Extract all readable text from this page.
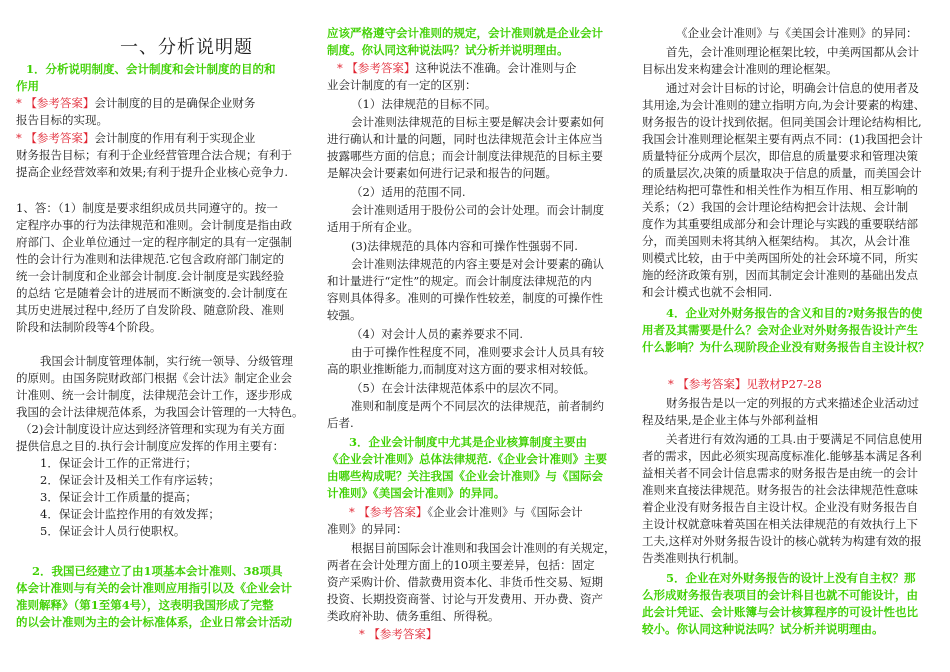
一、分析说明题
1．分析说明制度、会计制度和会计制度的目的和
作用
* 【参考答案】会计制度的目的是确保企业财务
报告目标的实现。
* 【参考答案】会计制度的作用有利于实现企业
财务报告目标；有利于企业经营管理合法合规；有利于
提高企业经营效率和效果;有利于提升企业核心竞争力.
1、答：（1）制度是要求组织成员共同遵守的。按一
定程序办事的行为法律规范和准则。会计制度是指由政
府部门、企业单位通过一定的程序制定的具有一定强制
性的会计行为准则和法律规范.它包含政府部门制定的
统一会计制度和企业部会计制度.会计制度是实践经验
的总结 它是随着会计的进展而不断演变的.会计制度在
其历史进展过程中,经历了自发阶段、随意阶段、准则
阶段和法制阶段等4个阶段。
我国会计制度管理体制，实行统一领导、分级管理
的原则。由国务院财政部门根据《会计法》制定企业会
计准则、统一会计制度，法律规范会计工作，逐步形成
我国的会计法律规范体系，为我国会计管理的一大特色。
（2)会计制度设计应达到经济管理和实现为有关方面
提供信息之目的.执行会计制度应发挥的作用主要有：
1．保证会计工作的正常进行；
2．保证会计及相关工作有序运转；
3．保证会计工作质量的提高；
4．保证会计监控作用的有效发挥；
5．保证会计人员行使职权。
2．我国已经建立了由1项基本会计准则、38项具
体会计准则与有关的会计准则应用指引以及《企业会计
准则解释》（第1至第4号），这表明我国形成了完整
的以会计准则为主的会计标准体系，企业日常会计活动
应该严格遵守会计准则的规定，会计准则就是企业会计
制度。你认同这种说法吗？试分析并说明理由。
* 【参考答案】这种说法不准确。会计准则与企
业会计制度的有一定的区别：
（1）法律规范的目标不同。
会计准则法律规范的目标主要是解决会计要素如何
进行确认和计量的问题，同时也法律规范会计主体应当
披露哪些方面的信息；而会计制度法律规范的目标主要
是解决会计要素如何进行记录和报告的问题。
（2）适用的范围不同.
会计准则适用于股份公司的会计处理。而会计制度
适用于所有企业。
(3)法律规范的具体内容和可操作性强弱不同.
会计准则法律规范的内容主要是对会计要素的确认
和计量进行“定性”的规定。而会计制度法律规范的内
容则具体得多。准则的可操作性较差，制度的可操作性
较强。
（4）对会计人员的素养要求不同.
由于可操作性程度不同，准则要求会计人员具有较
高的职业推断能力,而制度对这方面的要求相对较低。
（5）在会计法律规范体系中的层次不同。
准则和制度是两个不同层次的法律规范，前者制约
后者.
3．企业会计制度中尤其是企业核算制度主要由
《企业会计准则》总体法律规范.《企业会计准则》主要
由哪些构成呢？关注我国《企业会计准则》与《国际会
计准则》《美国会计准则》的异同。
* 【参考答案】《企业会计准则》与《国际会计
准则》的异同：
根据目前国际会计准则和我国会计准则的有关规定，
两者在会计处理方面上的10项主要差异，包括：固定
资产采购计价、借款费用资本化、非货币性交易、短期
投资、长期投资商誉、讨论与开发费用、开办费、资产
类政府补助、债务重组、所得税。
* 【参考答案】
《企业会计准则》与《美国会计准则》的异同：
首先，会计准则理论框架比较，中美两国都从会计
目标出发来构建会计准则的理论框架。
通过对会计目标的讨论，明确会计信息的使用者及
其用途,为会计准则的建立指明方向,为会计要素的构建、
财务报告的设计找到依据。但同美国会计理论结构相比,
我国会计准则理论框架主要有两点不同：(1)我国把会计
质量特征分成两个层次，即信息的质量要求和管理决策
的质量层次,决策的质量取决于信息的质量，而美国会计
理论结构把可靠性和相关性作为相互作用、相互影响的
关系；（2）我国的会计理论结构把会计法规、会计制
度作为其重要组成部分和会计理论与实践的重要联结部
分，而美国则未将其纳入框架结构。 其次，从会计准
则模式比较，由于中美两国所处的社会环境不同，所实
施的经济政策有别，因而其制定会计准则的基础出发点
和会计模式也就不会相同.
4．企业对外财务报告的含义和目的?财务报告的使
用者及其需要是什么？会对企业对外财务报告设计产生
什么影响？为什么现阶段企业没有财务报告自主设计权？
* 【参考答案】见教材P27-28
财务报告是以一定的列报的方式来描述企业活动过
程及结果,是企业主体与外部利益相
关者进行有效沟通的工具.由于要满足不同信息使用
者的需求，因此必须实现高度标准化.能够基本满足各利
益相关者不同会计信息需求的财务报告是由统一的会计
准则来直接法律规范。财务报告的社会法律规范性意味
着企业没有财务报告自主设计权。企业没有财务报告自
主设计权就意味着英国在相关法律规范的有效执行上下
工夫,这样对外财务报告设计的核心就转为构建有效的报
告类准则执行机制。
5．企业在对外财务报告的设计上没有自主权？那
么形成财务报告表项目的会计科目也就不可能设计，由
此会计凭证、会计账簿与会计核算程序的可设计性也比
较小。你认同这种说法吗？试分析并说明理由。
